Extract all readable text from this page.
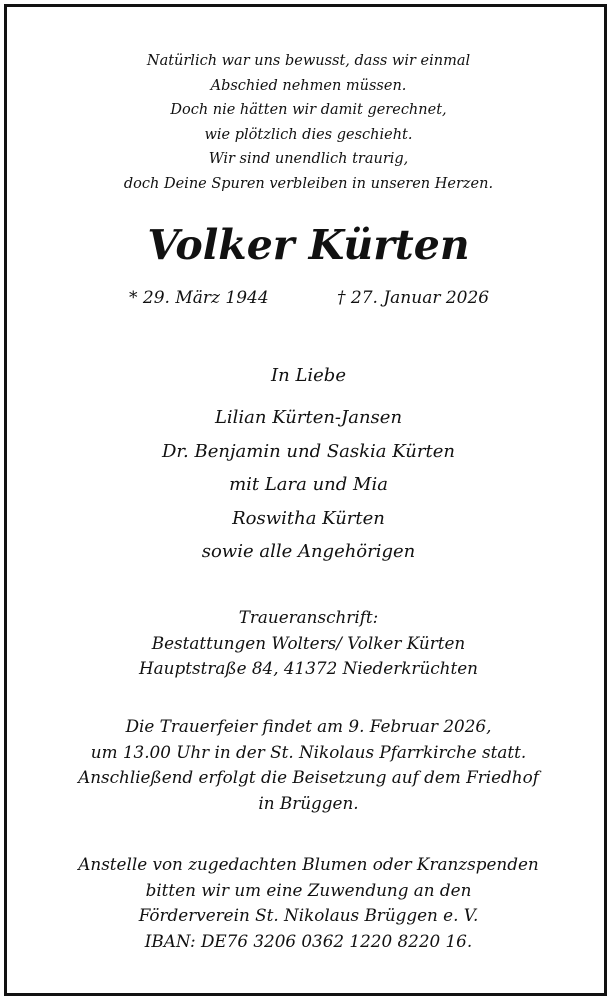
Natürlich war uns bewusst, dass wir einmal
Abschied nehmen müssen.
Doch nie hätten wir damit gerechnet,
wie plötzlich dies geschieht.
Wir sind unendlich traurig,
doch Deine Spuren verbleiben in unseren Herzen.
Volker Kürten
* 29. März 1944	† 27. Januar 2026
In Liebe
Lilian Kürten-Jansen
Dr. Benjamin und Saskia Kürten
mit Lara und Mia
Roswitha Kürten
sowie alle Angehörigen
Traueranschrift:
Bestattungen Wolters/ Volker Kürten
Hauptstraße 84, 41372 Niederkrüchten
Die Trauerfeier findet am 9. Februar 2026,
um 13.00 Uhr in der St. Nikolaus Pfarrkirche statt.
Anschließend erfolgt die Beisetzung auf dem Friedhof
in Brüggen.
Anstelle von zugedachten Blumen oder Kranzspenden
bitten wir um eine Zuwendung an den
Förderverein St. Nikolaus Brüggen e. V.
IBAN: DE76 3206 0362 1220 8220 16.
